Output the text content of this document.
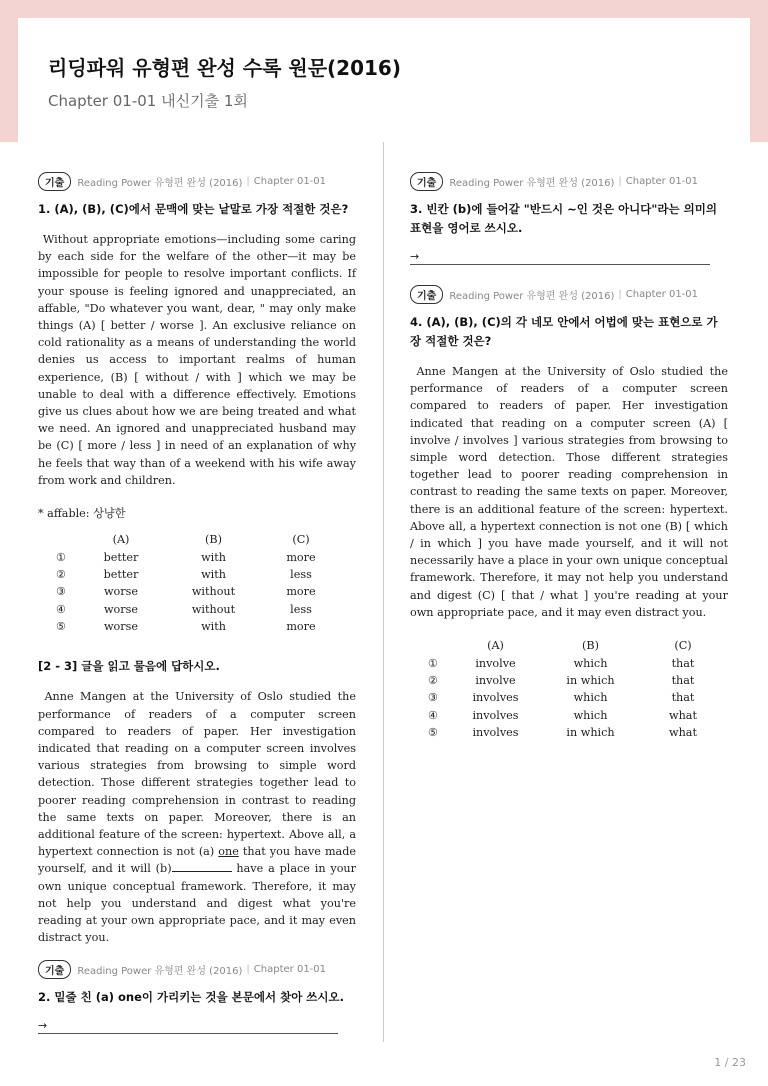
리딩파워 유형편 완성 수록 원문(2016)
Chapter 01-01 내신기출 1회
기출	Reading Power 유형편 완성 (2016) | Chapter 01-01
1. (A), (B), (C)에서 문맥에 맞는 낱말로 가장 적절한 것은?

Without appropriate emotions—including some caring by each side for the welfare of the other—it may be impossible for people to resolve important conflicts. If your spouse is feeling ignored and unappreciated, an affable, "Do whatever you want, dear, " may only make things (A) [ better / worse ]. An exclusive reliance on cold rationality as a means of understanding the world denies us access to important realms of human experience, (B) [ without / with ] which we may be unable to deal with a difference effectively. Emotions give us clues about how we are being treated and what we need. An ignored and unappreciated husband may be (C) [ more / less ] in need of an explanation of why he feels that way than of a weekend with his wife away from work and children.

* affable: 상냥한
	(A)	(B)	(C)
①	better	with	more
②	better	with	less
③	worse	without	more
④	worse	without	less
⑤	worse	with	more
[2 - 3] 글을 읽고 물음에 답하시오.

Anne Mangen at the University of Oslo studied the performance of readers of a computer screen compared to readers of paper. Her investigation indicated that reading on a computer screen involves various strategies from browsing to simple word detection. Those different strategies together lead to poorer reading comprehension in contrast to reading the same texts on paper. Moreover, there is an additional feature of the screen: hypertext. Above all, a hypertext connection is not (a) one that you have made yourself, and it will (b)	have a place in your own unique conceptual framework. Therefore, it may not help you understand and digest what you're reading at your own appropriate pace, and it may even distract you.

기출	Reading Power 유형편 완성 (2016) | Chapter 01-01
2. 밑줄 친 (a) one이 가리키는 것을 본문에서 찾아 쓰시오.
→
기출	Reading Power 유형편 완성 (2016) | Chapter 01-01
3. 빈칸 (b)에 들어갈 "반드시 ~인 것은 아니다"라는 의미의 표현을 영어로 쓰시오.
→
기출	Reading Power 유형편 완성 (2016) | Chapter 01-01
4. (A), (B), (C)의 각 네모 안에서 어법에 맞는 표현으로 가장 적절한 것은?

Anne Mangen at the University of Oslo studied the performance of readers of a computer screen compared to readers of paper. Her investigation indicated that reading on a computer screen (A) [ involve / involves ] various strategies from browsing to simple word detection. Those different strategies together lead to poorer reading comprehension in contrast to reading the same texts on paper. Moreover, there is an additional feature of the screen: hypertext. Above all, a hypertext connection is not one (B) [ which / in which ] you have made yourself, and it will not necessarily have a place in your own unique conceptual framework. Therefore, it may not help you understand and digest (C) [ that / what ] you're reading at your own appropriate pace, and it may even distract you.

	(A)	(B)	(C)
①	involve	which	that
②	involve	in which	that
③	involves	which	that
④	involves	which	what
⑤	involves	in which	what
1 / 23
